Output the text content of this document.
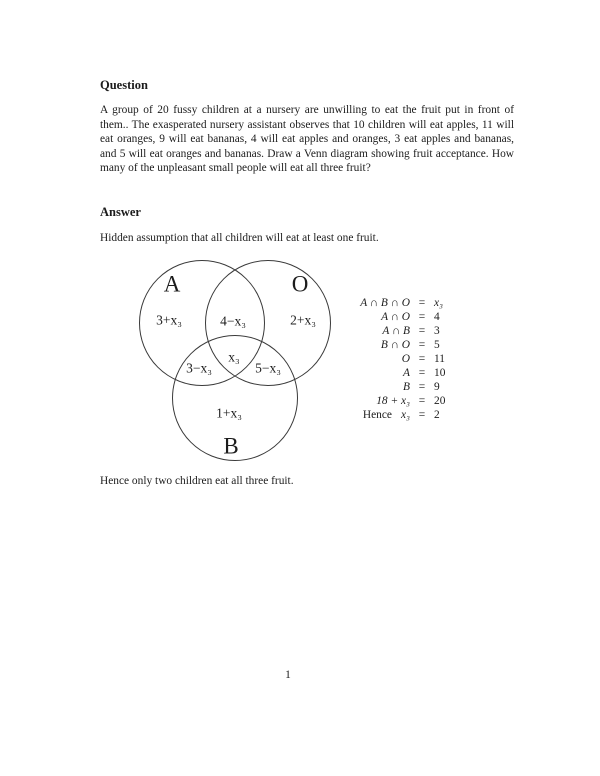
Question
A group of 20 fussy children at a nursery are unwilling to eat the fruit put in front of them.. The exasperated nursery assistant observes that 10 children will eat apples, 11 will eat oranges, 9 will eat bananas, 4 will eat apples and oranges, 3 eat apples and bananas, and 5 will eat oranges and bananas. Draw a Venn diagram showing fruit acceptance. How many of the unpleasant small people will eat all three fruit?
Answer
Hidden assumption that all children will eat at least one fruit.
A	O
B
3+x₃	4−x₃	2+x₃
x₃
3−x₃	5−x₃
1+x₃
A ∩ B ∩ O = x₃
A ∩ O = 4
A ∩ B = 3
B ∩ O = 5
O = 11
A = 10
B = 9
18 + x₃ = 20
Hence x₃ = 2
Hence only two children eat all three fruit.
1
